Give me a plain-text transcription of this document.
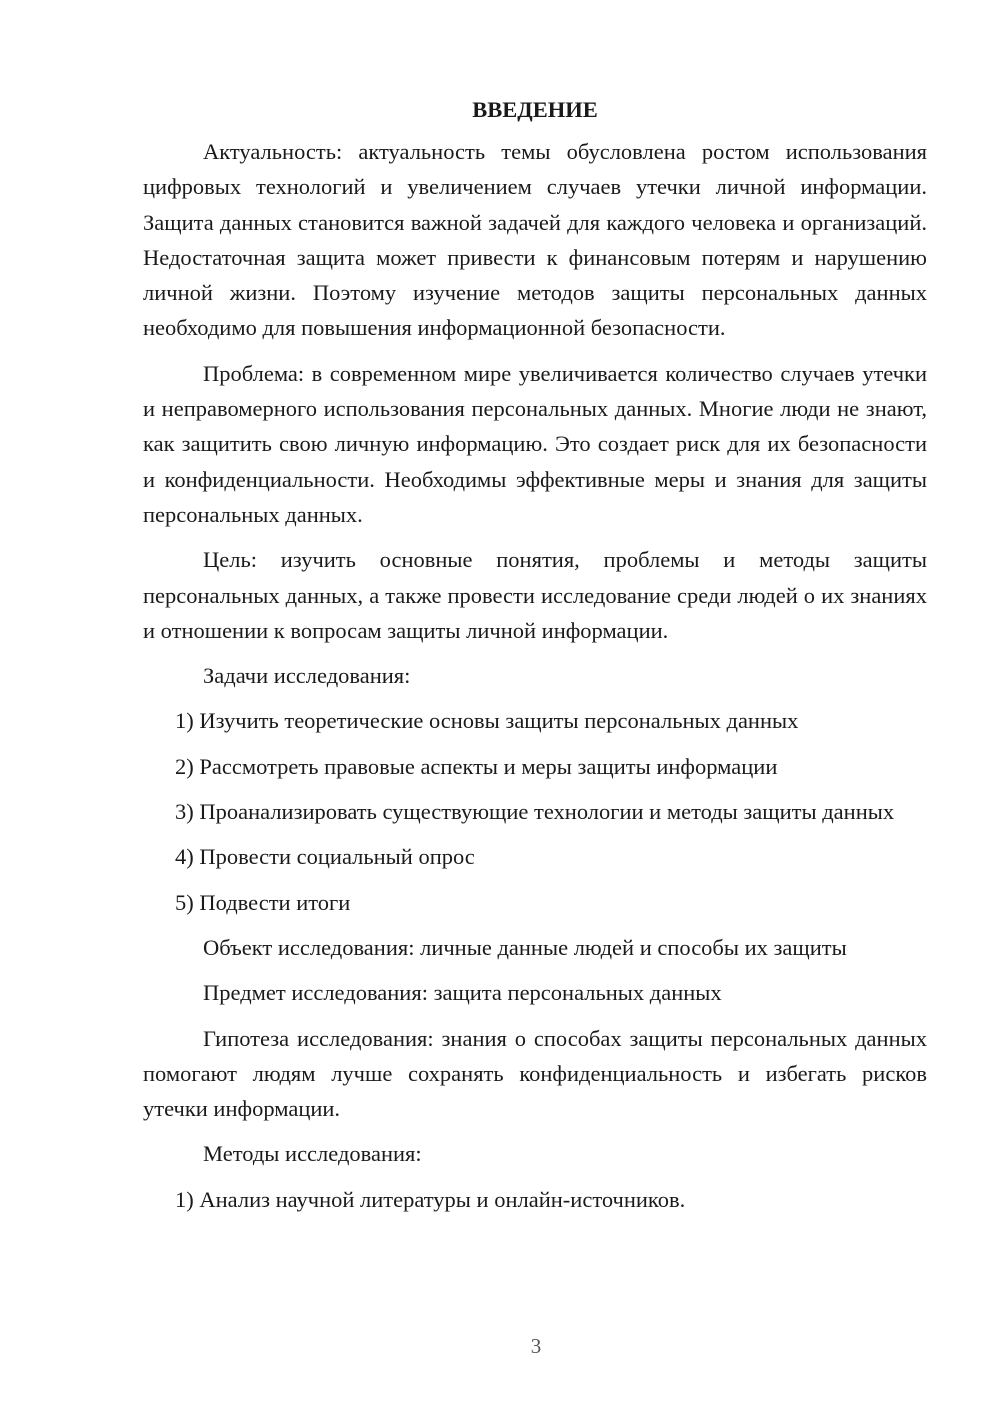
ВВЕДЕНИЕ

Актуальность: актуальность темы обусловлена ростом использования цифровых технологий и увеличением случаев утечки личной информации. Защита данных становится важной задачей для каждого человека и организаций. Недостаточная защита может привести к финансовым потерям и нарушению личной жизни. Поэтому изучение методов защиты персональных данных необходимо для повышения информационной безопасности.

Проблема: в современном мире увеличивается количество случаев утечки и неправомерного использования персональных данных. Многие люди не знают, как защитить свою личную информацию. Это создает риск для их безопасности и конфиденциальности. Необходимы эффективные меры и знания для защиты персональных данных.

Цель: изучить основные понятия, проблемы и методы защиты персональных данных, а также провести исследование среди людей о их знаниях и отношении к вопросам защиты личной информации.

Задачи исследования:

1) Изучить теоретические основы защиты персональных данных

2) Рассмотреть правовые аспекты и меры защиты информации

3) Проанализировать существующие технологии и методы защиты данных

4) Провести социальный опрос

5) Подвести итоги

Объект исследования: личные данные людей и способы их защиты

Предмет исследования: защита персональных данных

Гипотеза исследования: знания о способах защиты персональных данных помогают людям лучше сохранять конфиденциальность и избегать рисков утечки информации.

Методы исследования:

1) Анализ научной литературы и онлайн-источников.

3
